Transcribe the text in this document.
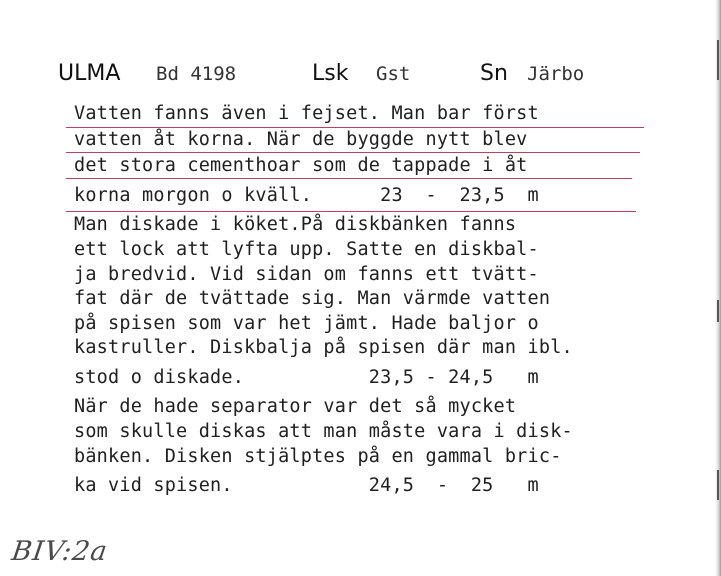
ULMA Bd 4198	Lsk Gst	Sn Järbo
Vatten fanns även i fejset. Man bar först
vatten åt korna. När de byggde nytt blev
det stora cementhoar som de tappade i åt
korna morgon o kväll.      23  -  23,5  m
Man diskade i köket.På diskbänken fanns
ett lock att lyfta upp. Satte en diskbal-
ja bredvid. Vid sidan om fanns ett tvätt-
fat där de tvättade sig. Man värmde vatten
på spisen som var het jämt. Hade baljor o
kastruller. Diskbalja på spisen där man ibl.
stod o diskade.           23,5 - 24,5   m
När de hade separator var det så mycket
som skulle diskas att man måste vara i disk-
bänken. Disken stjälptes på en gammal bric-
ka vid spisen.            24,5  -  25   m
BIV:2a
